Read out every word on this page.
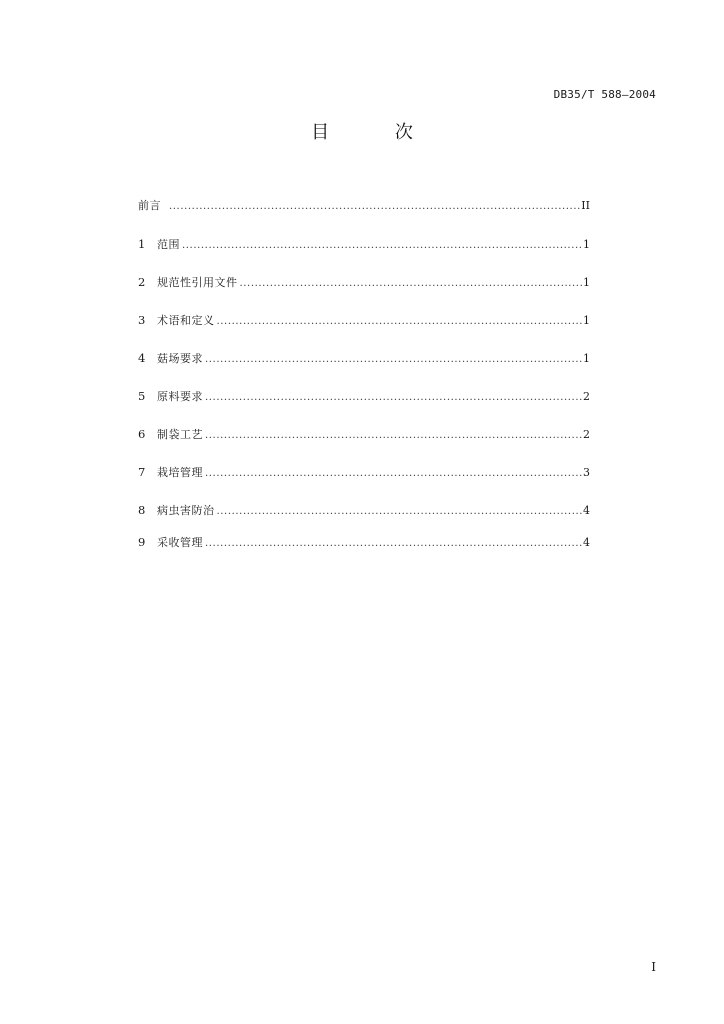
DB35/T 588—2004
目 次
前言 .....	II
1	范围 .....	1
2	规范性引用文件 .....	1
3	术语和定义 .....	1
4	菇场要求 .....	1
5	原料要求 .....	2
6	制袋工艺 .....	2
7	栽培管理 .....	3
8	病虫害防治 .....	4
9	采收管理 .....	4
I
